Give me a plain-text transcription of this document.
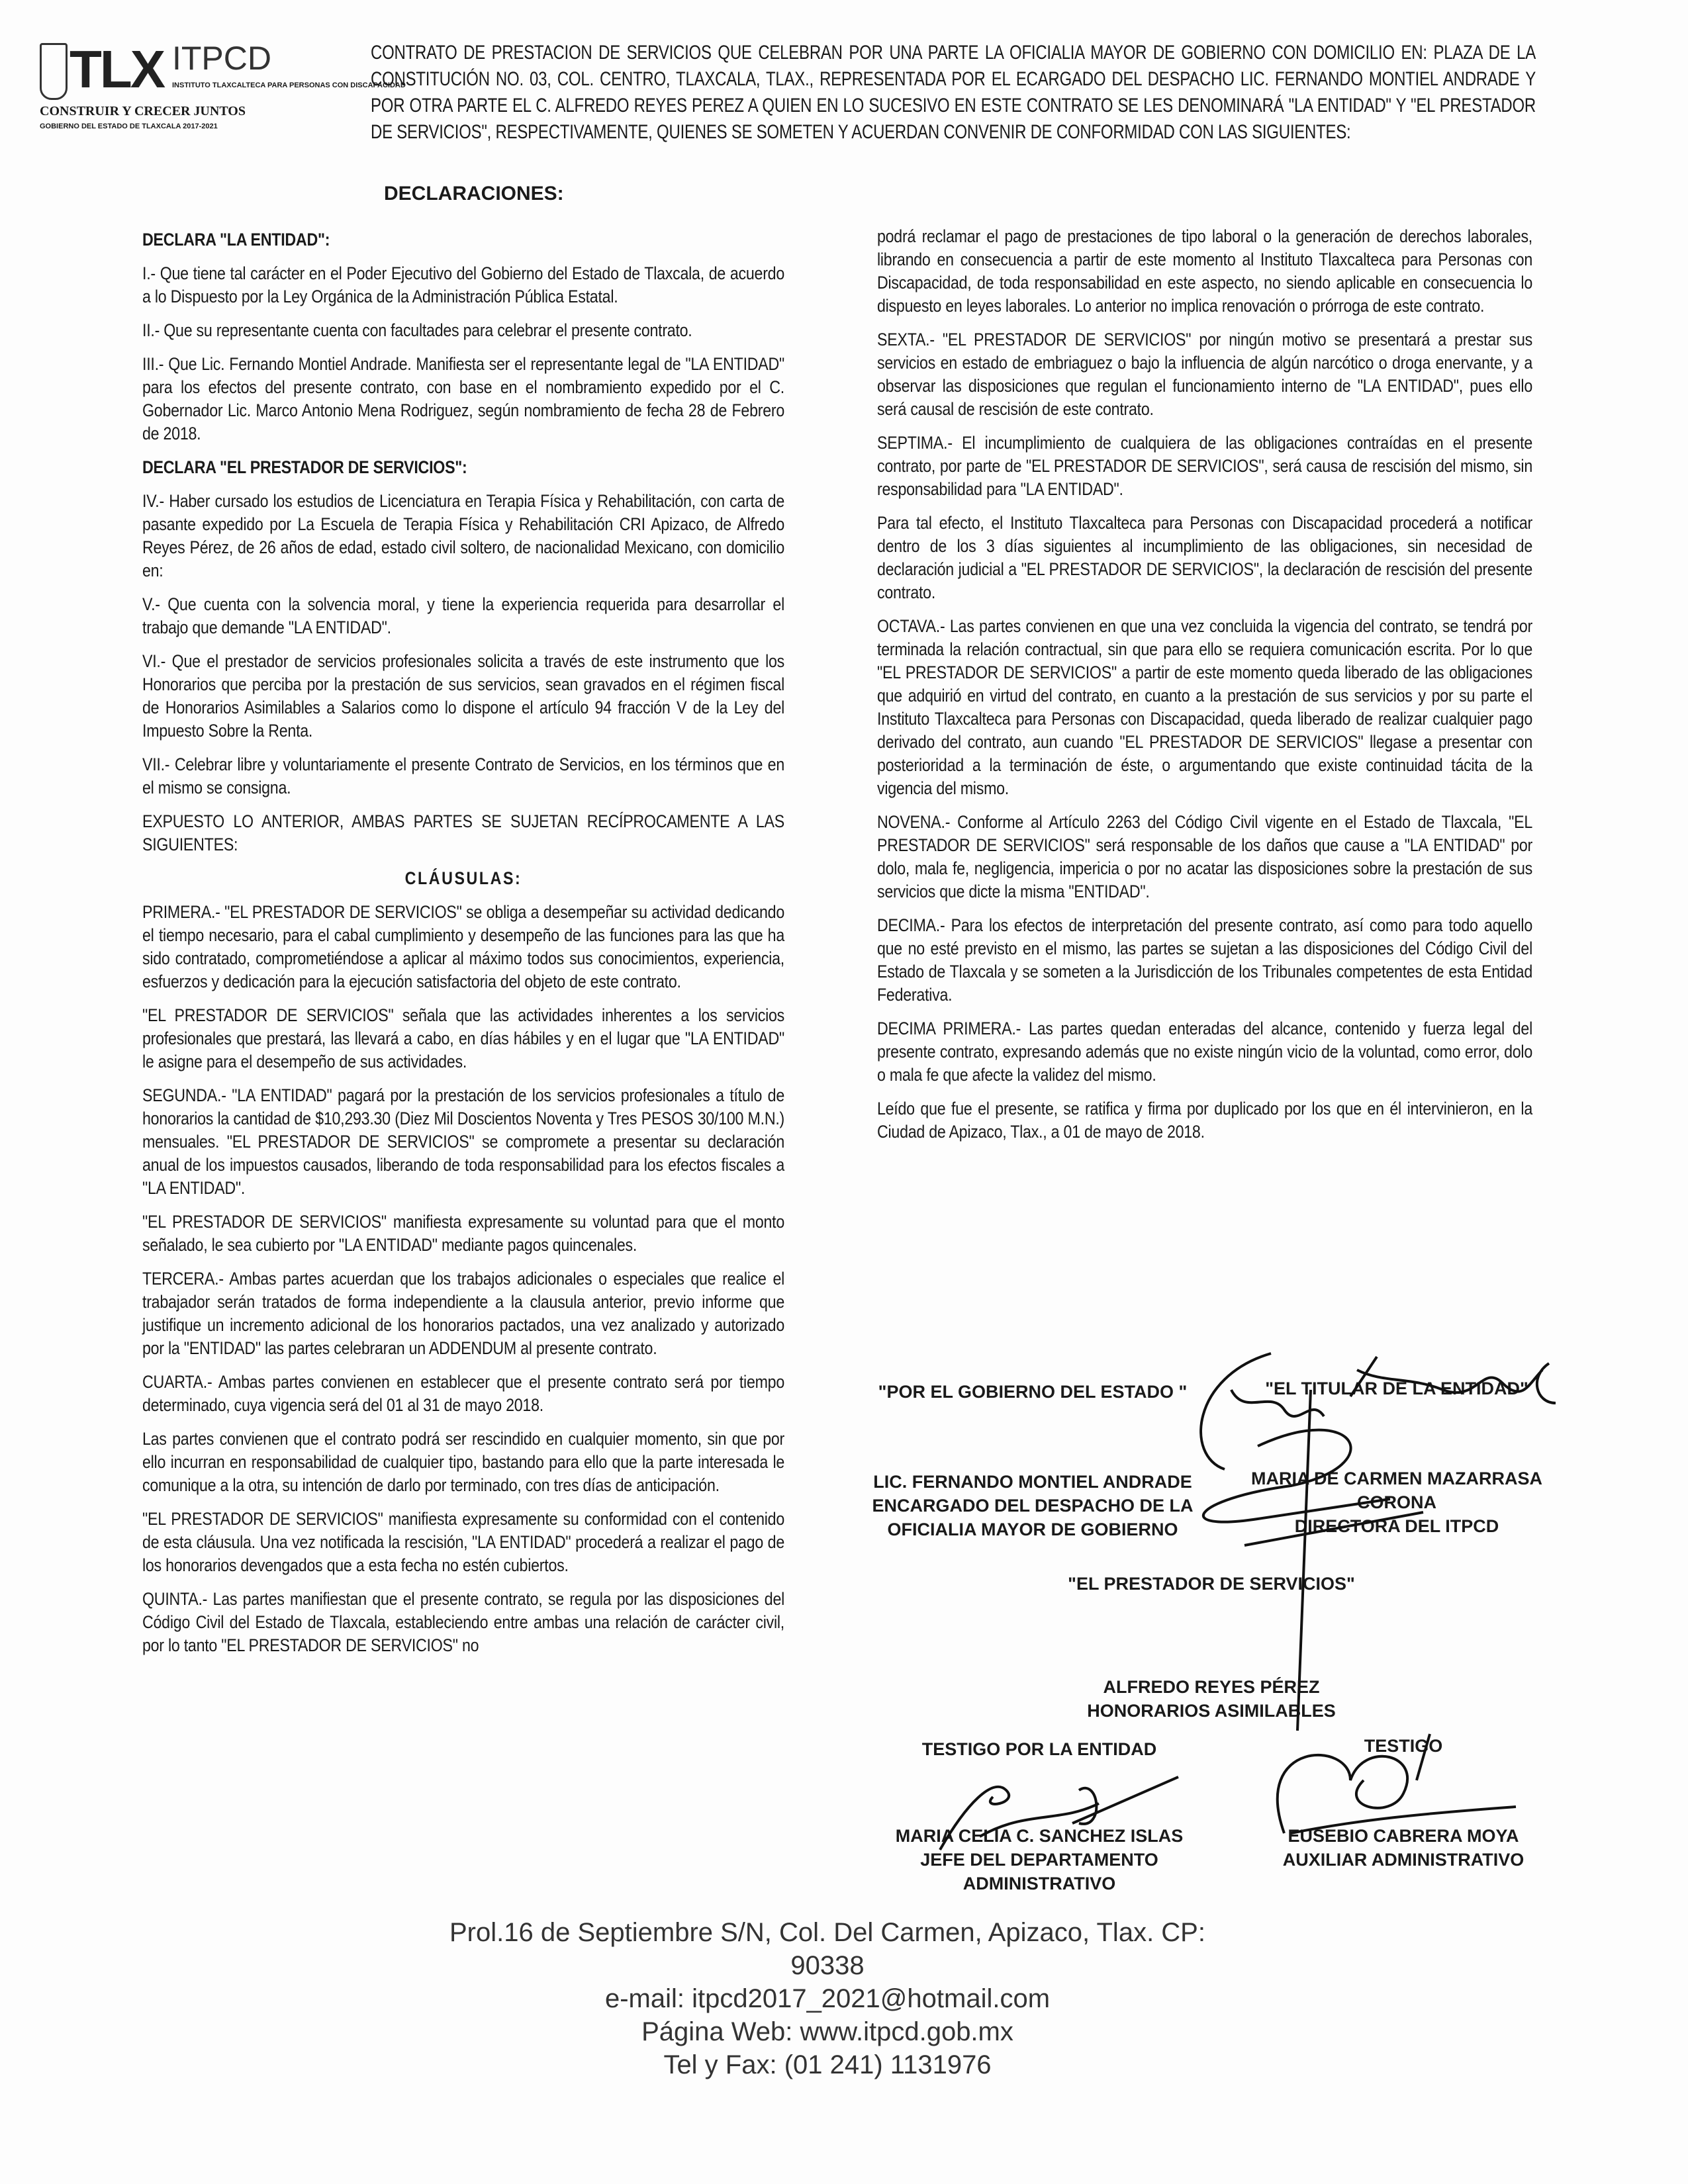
TLX ITPCD
INSTITUTO TLAXCALTECA PARA PERSONAS CON DISCAPACIDAD
CONSTRUIR Y CRECER JUNTOS
GOBIERNO DEL ESTADO DE TLAXCALA 2017-2021
CONTRATO DE PRESTACION DE SERVICIOS QUE CELEBRAN POR UNA PARTE LA OFICIALIA MAYOR DE GOBIERNO CON DOMICILIO EN: PLAZA DE LA CONSTITUCIÓN NO. 03, COL. CENTRO, TLAXCALA, TLAX., REPRESENTADA POR EL ECARGADO DEL DESPACHO LIC. FERNANDO MONTIEL ANDRADE Y POR OTRA PARTE EL C. ALFREDO REYES PEREZ A QUIEN EN LO SUCESIVO EN ESTE CONTRATO SE LES DENOMINARÁ "LA ENTIDAD" Y "EL PRESTADOR DE SERVICIOS", RESPECTIVAMENTE, QUIENES SE SOMETEN Y ACUERDAN CONVENIR DE CONFORMIDAD CON LAS SIGUIENTES:
DECLARACIONES:

DECLARA "LA ENTIDAD":

I.- Que tiene tal carácter en el Poder Ejecutivo del Gobierno del Estado de Tlaxcala, de acuerdo a lo Dispuesto por la Ley Orgánica de la Administración Pública Estatal.

II.- Que su representante cuenta con facultades para celebrar el presente contrato.

III.- Que Lic. Fernando Montiel Andrade. Manifiesta ser el representante legal de "LA ENTIDAD" para los efectos del presente contrato, con base en el nombramiento expedido por el C. Gobernador Lic. Marco Antonio Mena Rodriguez, según nombramiento de fecha 28 de Febrero de 2018.

DECLARA "EL PRESTADOR DE SERVICIOS":

IV.- Haber cursado los estudios de Licenciatura en Terapia Física y Rehabilitación, con carta de pasante expedido por La Escuela de Terapia Física y Rehabilitación CRI Apizaco, de Alfredo Reyes Pérez, de 26 años de edad, estado civil soltero, de nacionalidad Mexicano, con domicilio en:

V.- Que cuenta con la solvencia moral, y tiene la experiencia requerida para desarrollar el trabajo que demande "LA ENTIDAD".

VI.- Que el prestador de servicios profesionales solicita a través de este instrumento que los Honorarios que perciba por la prestación de sus servicios, sean gravados en el régimen fiscal de Honorarios Asimilables a Salarios como lo dispone el artículo 94 fracción V de la Ley del Impuesto Sobre la Renta.

VII.- Celebrar libre y voluntariamente el presente Contrato de Servicios, en los términos que en el mismo se consigna.

EXPUESTO LO ANTERIOR, AMBAS PARTES SE SUJETAN RECÍPROCAMENTE A LAS SIGUIENTES:

CLÁUSULAS:

PRIMERA.- "EL PRESTADOR DE SERVICIOS" se obliga a desempeñar su actividad dedicando el tiempo necesario, para el cabal cumplimiento y desempeño de las funciones para las que ha sido contratado, comprometiéndose a aplicar al máximo todos sus conocimientos, experiencia, esfuerzos y dedicación para la ejecución satisfactoria del objeto de este contrato.

"EL PRESTADOR DE SERVICIOS" señala que las actividades inherentes a los servicios profesionales que prestará, las llevará a cabo, en días hábiles y en el lugar que "LA ENTIDAD" le asigne para el desempeño de sus actividades.

SEGUNDA.- "LA ENTIDAD" pagará por la prestación de los servicios profesionales a título de honorarios la cantidad de $10,293.30 (Diez Mil Doscientos Noventa y Tres PESOS 30/100 M.N.) mensuales. "EL PRESTADOR DE SERVICIOS" se compromete a presentar su declaración anual de los impuestos causados, liberando de toda responsabilidad para los efectos fiscales a "LA ENTIDAD".

"EL PRESTADOR DE SERVICIOS" manifiesta expresamente su voluntad para que el monto señalado, le sea cubierto por "LA ENTIDAD" mediante pagos quincenales.

TERCERA.- Ambas partes acuerdan que los trabajos adicionales o especiales que realice el trabajador serán tratados de forma independiente a la clausula anterior, previo informe que justifique un incremento adicional de los honorarios pactados, una vez analizado y autorizado por la "ENTIDAD" las partes celebraran un ADDENDUM al presente contrato.

CUARTA.- Ambas partes convienen en establecer que el presente contrato será por tiempo determinado, cuya vigencia será del 01 al 31 de mayo 2018.

Las partes convienen que el contrato podrá ser rescindido en cualquier momento, sin que por ello incurran en responsabilidad de cualquier tipo, bastando para ello que la parte interesada le comunique a la otra, su intención de darlo por terminado, con tres días de anticipación.

"EL PRESTADOR DE SERVICIOS" manifiesta expresamente su conformidad con el contenido de esta cláusula. Una vez notificada la rescisión, "LA ENTIDAD" procederá a realizar el pago de los honorarios devengados que a esta fecha no estén cubiertos.

QUINTA.- Las partes manifiestan que el presente contrato, se regula por las disposiciones del Código Civil del Estado de Tlaxcala, estableciendo entre ambas una relación de carácter civil, por lo tanto "EL PRESTADOR DE SERVICIOS" no

podrá reclamar el pago de prestaciones de tipo laboral o la generación de derechos laborales, librando en consecuencia a partir de este momento al Instituto Tlaxcalteca para Personas con Discapacidad, de toda responsabilidad en este aspecto, no siendo aplicable en consecuencia lo dispuesto en leyes laborales. Lo anterior no implica renovación o prórroga de este contrato.

SEXTA.- "EL PRESTADOR DE SERVICIOS" por ningún motivo se presentará a prestar sus servicios en estado de embriaguez o bajo la influencia de algún narcótico o droga enervante, y a observar las disposiciones que regulan el funcionamiento interno de "LA ENTIDAD", pues ello será causal de rescisión de este contrato.

SEPTIMA.- El incumplimiento de cualquiera de las obligaciones contraídas en el presente contrato, por parte de "EL PRESTADOR DE SERVICIOS", será causa de rescisión del mismo, sin responsabilidad para "LA ENTIDAD".

Para tal efecto, el Instituto Tlaxcalteca para Personas con Discapacidad procederá a notificar dentro de los 3 días siguientes al incumplimiento de las obligaciones, sin necesidad de declaración judicial a "EL PRESTADOR DE SERVICIOS", la declaración de rescisión del presente contrato.

OCTAVA.- Las partes convienen en que una vez concluida la vigencia del contrato, se tendrá por terminada la relación contractual, sin que para ello se requiera comunicación escrita. Por lo que "EL PRESTADOR DE SERVICIOS" a partir de este momento queda liberado de las obligaciones que adquirió en virtud del contrato, en cuanto a la prestación de sus servicios y por su parte el Instituto Tlaxcalteca para Personas con Discapacidad, queda liberado de realizar cualquier pago derivado del contrato, aun cuando "EL PRESTADOR DE SERVICIOS" llegase a presentar con posterioridad a la terminación de éste, o argumentando que existe continuidad tácita de la vigencia del mismo.

NOVENA.- Conforme al Artículo 2263 del Código Civil vigente en el Estado de Tlaxcala, "EL PRESTADOR DE SERVICIOS" será responsable de los daños que cause a "LA ENTIDAD" por dolo, mala fe, negligencia, impericia o por no acatar las disposiciones sobre la prestación de sus servicios que dicte la misma "ENTIDAD".

DECIMA.- Para los efectos de interpretación del presente contrato, así como para todo aquello que no esté previsto en el mismo, las partes se sujetan a las disposiciones del Código Civil del Estado de Tlaxcala y se someten a la Jurisdicción de los Tribunales competentes de esta Entidad Federativa.

DECIMA PRIMERA.- Las partes quedan enteradas del alcance, contenido y fuerza legal del presente contrato, expresando además que no existe ningún vicio de la voluntad, como error, dolo o mala fe que afecte la validez del mismo.

Leído que fue el presente, se ratifica y firma por duplicado por los que en él intervinieron, en la Ciudad de Apizaco, Tlax., a 01 de mayo de 2018.

"POR EL GOBIERNO DEL ESTADO "
LIC. FERNANDO MONTIEL ANDRADE
ENCARGADO DEL DESPACHO DE LA
OFICIALIA MAYOR DE GOBIERNO
"EL TITULAR DE LA ENTIDAD"
MARIA DE CARMEN MAZARRASA
CORONA
DIRECTORA DEL ITPCD
"EL PRESTADOR DE SERVICIOS"
ALFREDO REYES PÉREZ
HONORARIOS ASIMILABLES
TESTIGO POR LA ENTIDAD
MARIA CELIA C. SANCHEZ ISLAS
JEFE DEL DEPARTAMENTO
ADMINISTRATIVO
TESTIGO
EUSEBIO CABRERA MOYA
AUXILIAR ADMINISTRATIVO
Prol.16 de Septiembre S/N, Col. Del Carmen, Apizaco, Tlax. CP: 90338
e-mail: itpcd2017_2021@hotmail.com
Página Web: www.itpcd.gob.mx
Tel y Fax: (01 241) 1131976
